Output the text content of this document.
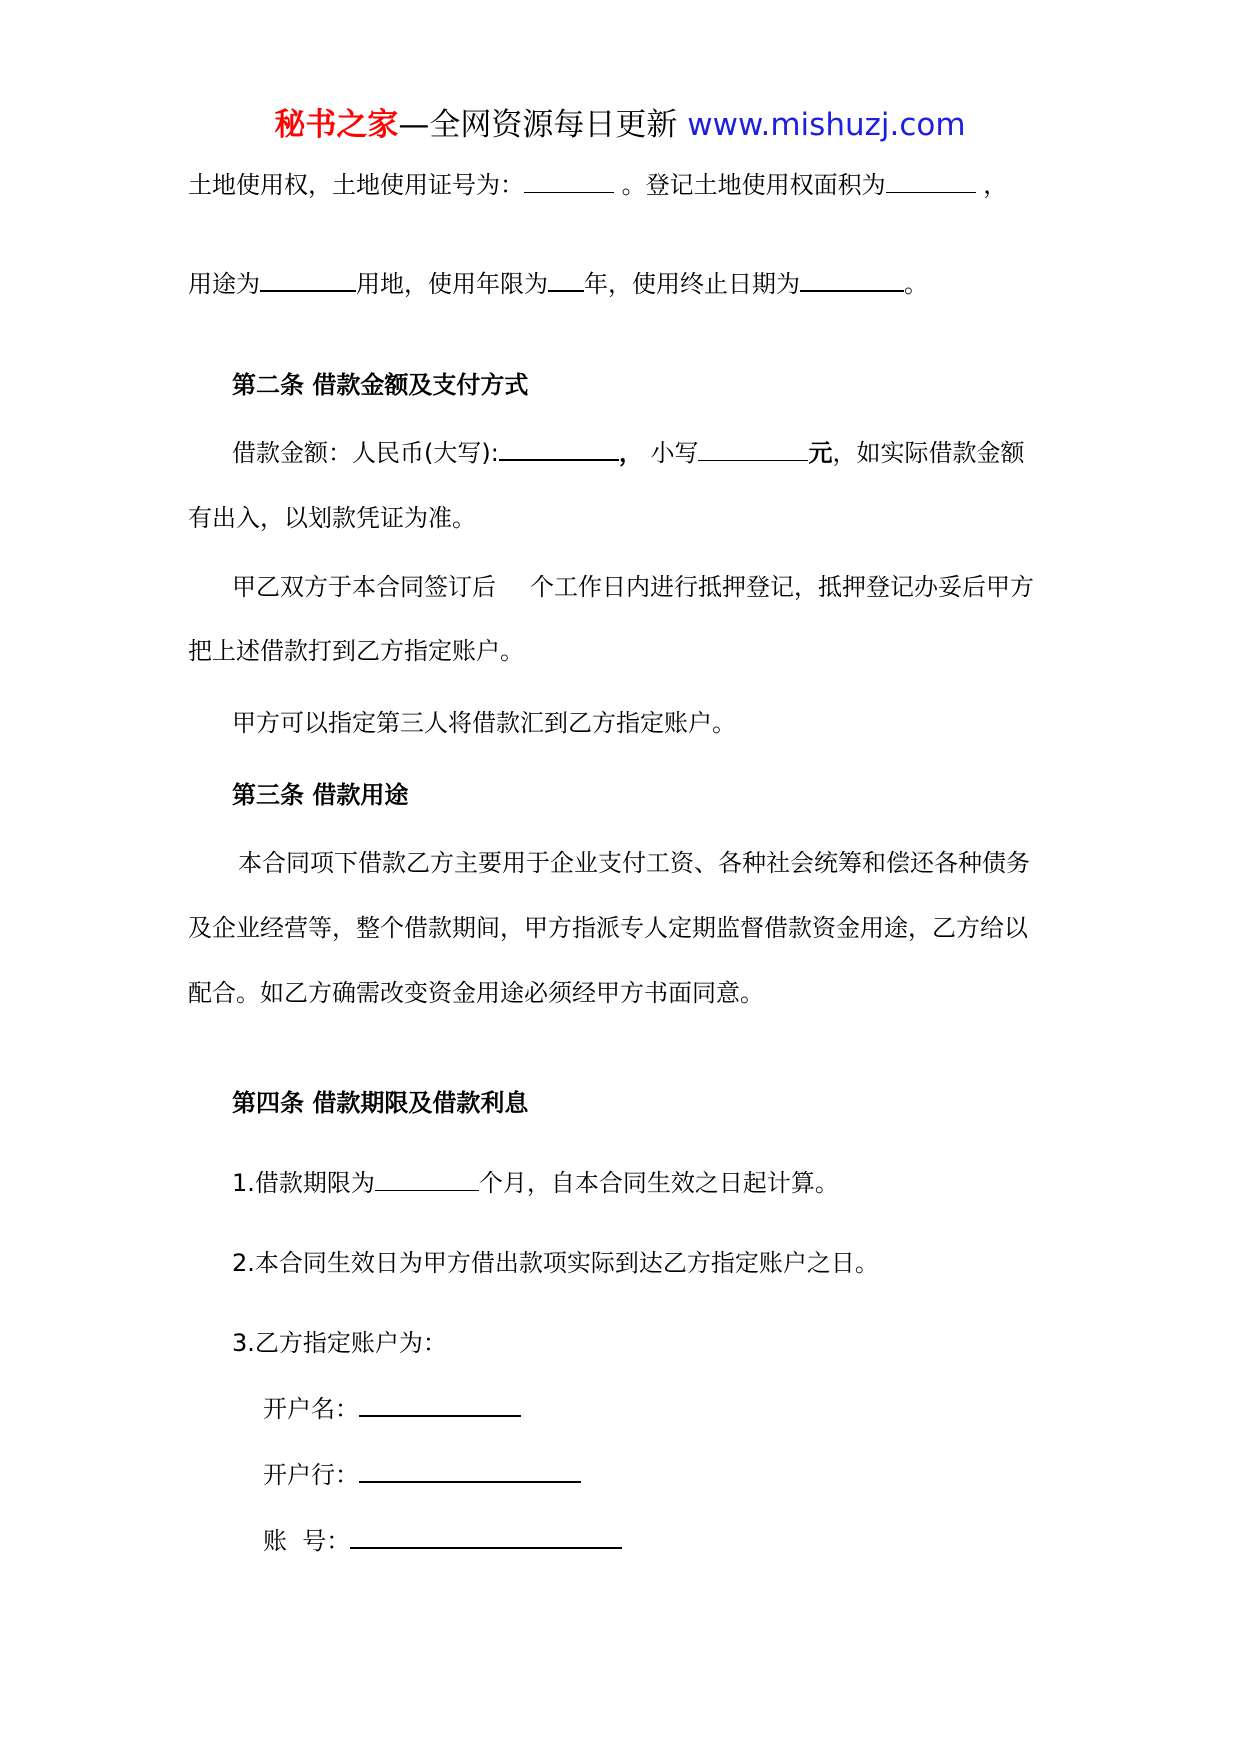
秘书之家—全网资源每日更新 www.mishuzj.com
土地使用权，土地使用证号为：	。登记土地使用权面积为	，
用途为	用地，使用年限为 年，使用终止日期为	。
第二条 借款金额及支付方式
借款金额：人民币(大写):	， 小写	元，如实际借款金额
有出入，以划款凭证为准。
甲乙双方于本合同签订后 个工作日内进行抵押登记，抵押登记办妥后甲方
把上述借款打到乙方指定账户。
甲方可以指定第三人将借款汇到乙方指定账户。
第三条 借款用途
本合同项下借款乙方主要用于企业支付工资、各种社会统筹和偿还各种债务
及企业经营等，整个借款期间，甲方指派专人定期监督借款资金用途，乙方给以
配合。如乙方确需改变资金用途必须经甲方书面同意。
第四条 借款期限及借款利息
1.借款期限为	个月，自本合同生效之日起计算。
2.本合同生效日为甲方借出款项实际到达乙方指定账户之日。
3.乙方指定账户为：
开户名：
开户行：
账  号：
